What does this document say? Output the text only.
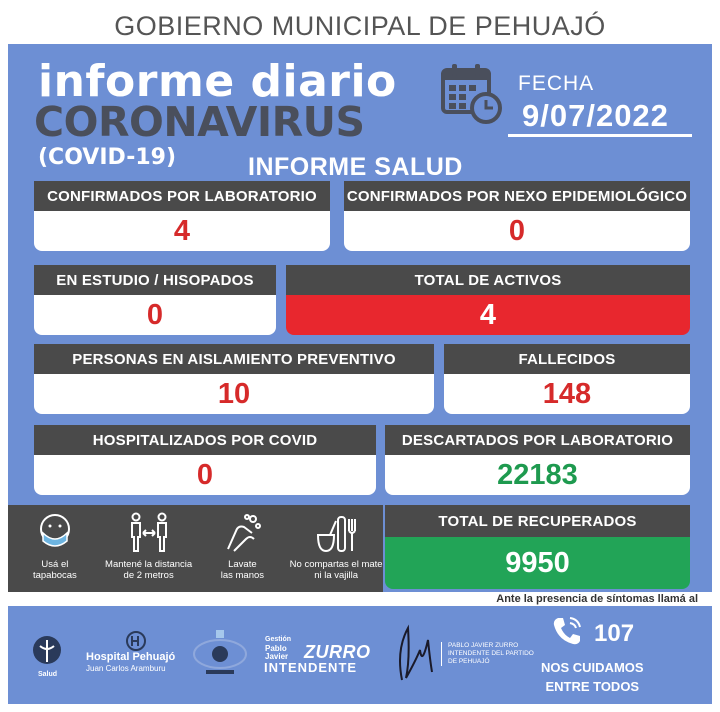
GOBIERNO MUNICIPAL DE PEHUAJÓ
informe diario
CORONAVIRUS
(COVID-19)	INFORME SALUD
FECHA
9/07/2022
CONFIRMADOS POR LABORATORIO
4
CONFIRMADOS POR NEXO EPIDEMIOLÓGICO
0
EN ESTUDIO / HISOPADOS
0
TOTAL DE ACTIVOS
4
PERSONAS EN AISLAMIENTO PREVENTIVO
10
FALLECIDOS
148
HOSPITALIZADOS POR COVID
0
DESCARTADOS POR LABORATORIO
22183
Usá el
tapabocas
Mantené la distancia
de 2 metros
Lavate
las manos
No compartas el mate
ni la vajilla
TOTAL DE RECUPERADOS
9950
Ante la presencia de síntomas llamá al
Salud
Hospital Pehuajó
Juan Carlos Aramburu
Gestión
Pablo
Javier ZURRO
INTENDENTE
PABLO JAVIER ZURRO
INTENDENTE DEL PARTIDO
DE PEHUAJÓ
107
NOS CUIDAMOS
ENTRE TODOS
